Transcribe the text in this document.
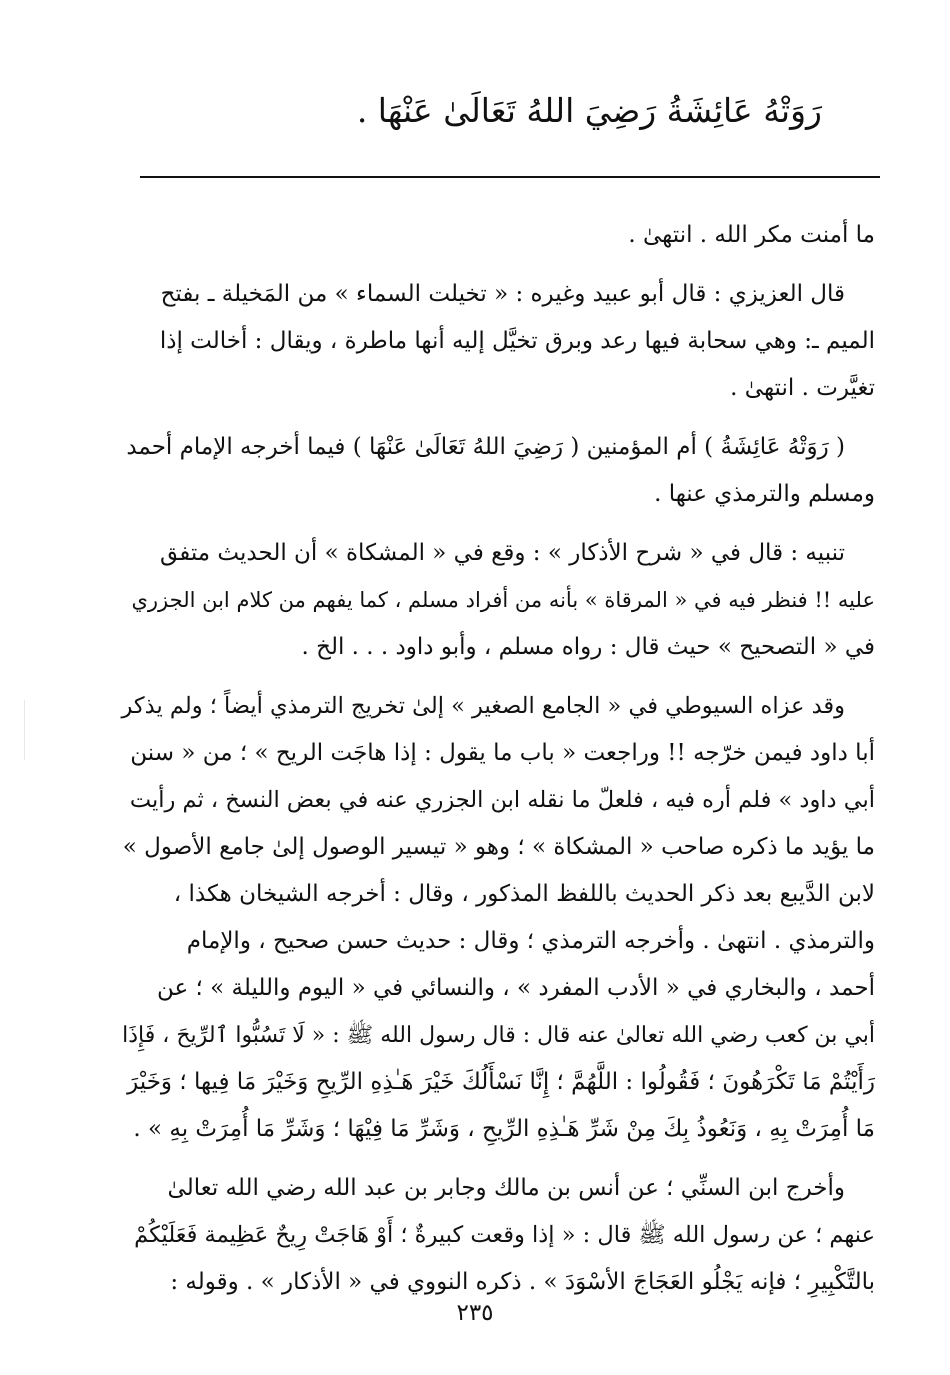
رَوَتْهُ عَائِشَةُ رَضِيَ اللهُ تَعَالَىٰ عَنْهَا .
ما أمنت مكر الله . انتهىٰ .
قال العزيزي : قال أبو عبيد وغيره : « تخيلت السماء » من المَخيلة ـ بفتح
الميم ـ: وهي سحابة فيها رعد وبرق تخيَّل إليه أنها ماطرة ، ويقال : أخالت إذا
تغيَّرت . انتهىٰ .
( رَوَتْهُ عَائِشَةُ ) أم المؤمنين ( رَضِيَ اللهُ تَعَالَىٰ عَنْهَا ) فيما أخرجه الإمام أحمد
ومسلم والترمذي عنها .
تنبيه : قال في « شرح الأذكار » : وقع في « المشكاة » أن الحديث متفق
عليه !! فنظر فيه في « المرقاة » بأنه من أفراد مسلم ، كما يفهم من كلام ابن الجزري
في « التصحيح » حيث قال : رواه مسلم ، وأبو داود . . . الخ .
وقد عزاه السيوطي في « الجامع الصغير » إلىٰ تخريج الترمذي أيضاً ؛ ولم يذكر
أبا داود فيمن خرّجه !! وراجعت « باب ما يقول : إذا هاجَت الريح » ؛ من « سنن
أبي داود » فلم أره فيه ، فلعلّ ما نقله ابن الجزري عنه في بعض النسخ ، ثم رأيت
ما يؤيد ما ذكره صاحب « المشكاة » ؛ وهو « تيسير الوصول إلىٰ جامع الأصول »
لابن الدَّيبع بعد ذكر الحديث باللفظ المذكور ، وقال : أخرجه الشيخان هكذا ،
والترمذي . انتهىٰ . وأخرجه الترمذي ؛ وقال : حديث حسن صحيح ، والإمام
أحمد ، والبخاري في « الأدب المفرد » ، والنسائي في « اليوم والليلة » ؛ عن
أبي بن كعب رضي الله تعالىٰ عنه قال : قال رسول الله ﷺ : « لَا تَسُبُّوا ٱلرِّيحَ ، فَإِذَا
رَأَيْتُمْ مَا تَكْرَهُونَ ؛ فَقُولُوا : اللَّهُمَّ ؛ إِنَّا نَسْأَلُكَ خَيْرَ هَـٰذِهِ الرِّيحِ وَخَيْرَ مَا فِيها ؛ وَخَيْرَ
مَا أُمِرَتْ بِهِ ، وَنَعُوذُ بِكَ مِنْ شَرِّ هَـٰذِهِ الرِّيحِ ، وَشَرِّ مَا فِيْهَا ؛ وَشَرِّ مَا أُمِرَتْ بِهِ » .
وأخرج ابن السنِّي ؛ عن أنس بن مالك وجابر بن عبد الله رضي الله تعالىٰ
عنهم ؛ عن رسول الله ﷺ قال : « إذا وقعت كبيرةٌ ؛ أَوْ هَاجَتْ رِيحٌ عَظِيمة فَعَلَيْكُمْ
بالتَّكْبِيرِ ؛ فإنه يَجْلُو العَجَاجَ الأسْوَدَ » . ذكره النووي في « الأذكار » . وقوله :
٢٣٥
